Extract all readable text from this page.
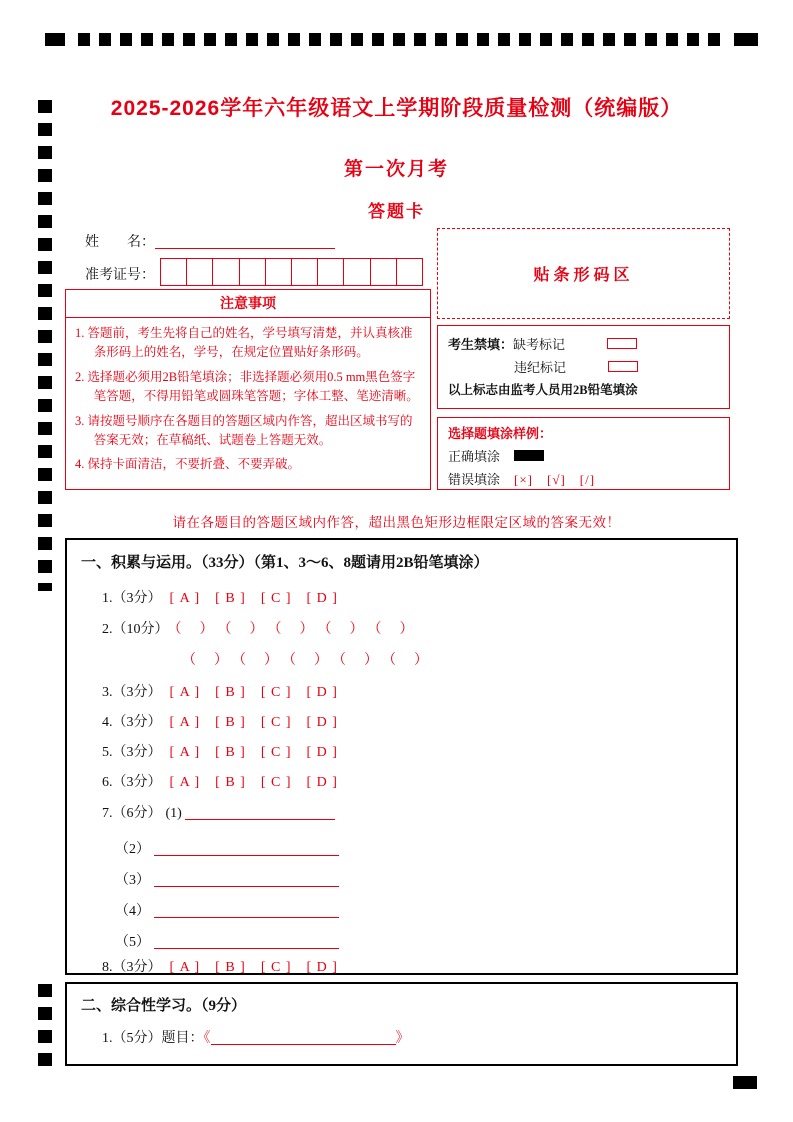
2025-2026学年六年级语文上学期阶段质量检测（统编版）
第一次月考
答题卡
姓　　名：
准考证号：	贴条形码区
注意事项
1. 答题前，考生先将自己的姓名，学号填写清楚，并认真核准条形码上的姓名，学号，在规定位置贴好条形码。
2. 选择题必须用2B铅笔填涂；非选择题必须用0.5 mm黑色签字笔答题，不得用铅笔或圆珠笔答题；字体工整、笔迹清晰。
3. 请按题号顺序在各题目的答题区域内作答，超出区域书写的答案无效；在草稿纸、试题卷上答题无效。
4. 保持卡面清洁，不要折叠、不要弄破。
考生禁填： 缺考标记
违纪标记
以上标志由监考人员用2B铅笔填涂
选择题填涂样例：
正确填涂
错误填涂 [×]　[√]　[/]
请在各题目的答题区域内作答，超出黑色矩形边框限定区域的答案无效！
一、积累与运用。（33分）（第1、3～6、8题请用2B铅笔填涂）
1.（3分） [ A ]　[ B ]　[ C ]　[ D ]
2.（10分） （　）　（　）　（　）　（　）　（　）
（　）　（　）　（　）　（　）　（　）
3.（3分） [ A ]　[ B ]　[ C ]　[ D ]
4.（3分） [ A ]　[ B ]　[ C ]　[ D ]
5.（3分） [ A ]　[ B ]　[ C ]　[ D ]
6.（3分） [ A ]　[ B ]　[ C ]　[ D ]
7.（6分） (1)
（2）
（3）
（4）
（5）
8.（3分） [ A ]　[ B ]　[ C ]　[ D ]
二、综合性学习。（9分）
1.（5分）题目：《	》
